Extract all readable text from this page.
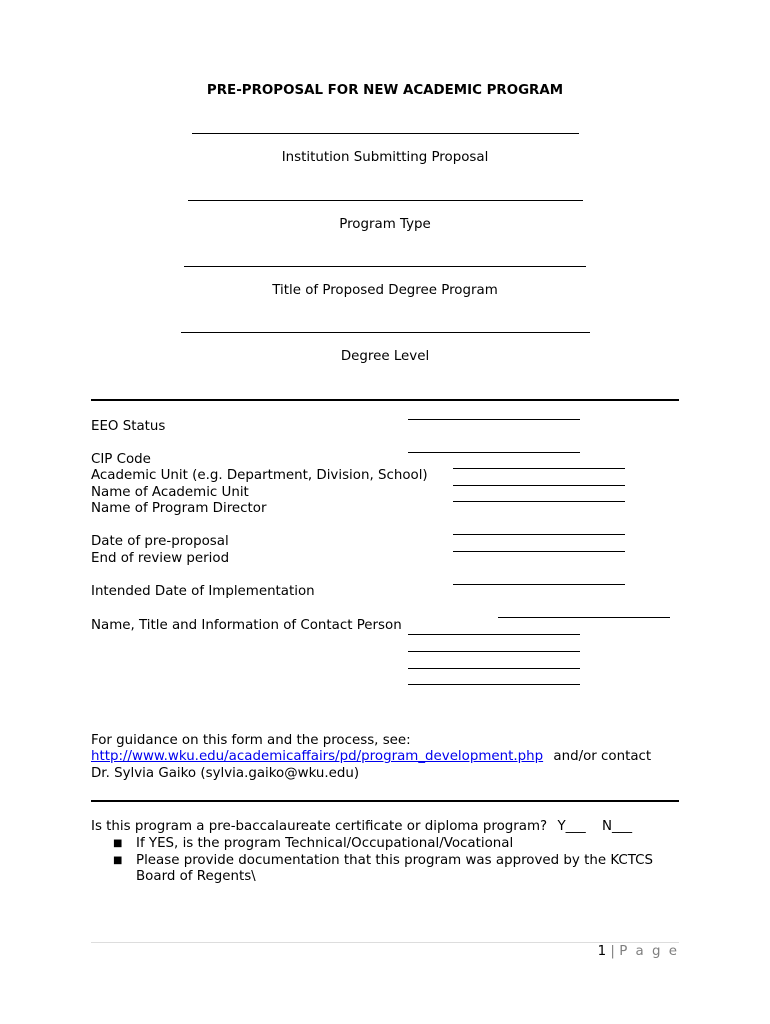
PRE-PROPOSAL FOR NEW ACADEMIC PROGRAM
Institution Submitting Proposal
Program Type
Title of Proposed Degree Program
Degree Level
EEO Status
CIP Code
Academic Unit (e.g. Department, Division, School)
Name of Academic Unit
Name of Program Director
Date of pre-proposal
End of review period
Intended Date of Implementation
Name, Title and Information of Contact Person
For guidance on this form and the process, see:
http://www.wku.edu/academicaffairs/pd/program_development.php and/or contact
Dr. Sylvia Gaiko (sylvia.gaiko@wku.edu)
Is this program a pre-baccalaureate certificate or diploma program? Y___ N___
■ If YES, is the program Technical/Occupational/Vocational
■ Please provide documentation that this program was approved by the KCTCS
Board of Regents\
1 | P a g e
